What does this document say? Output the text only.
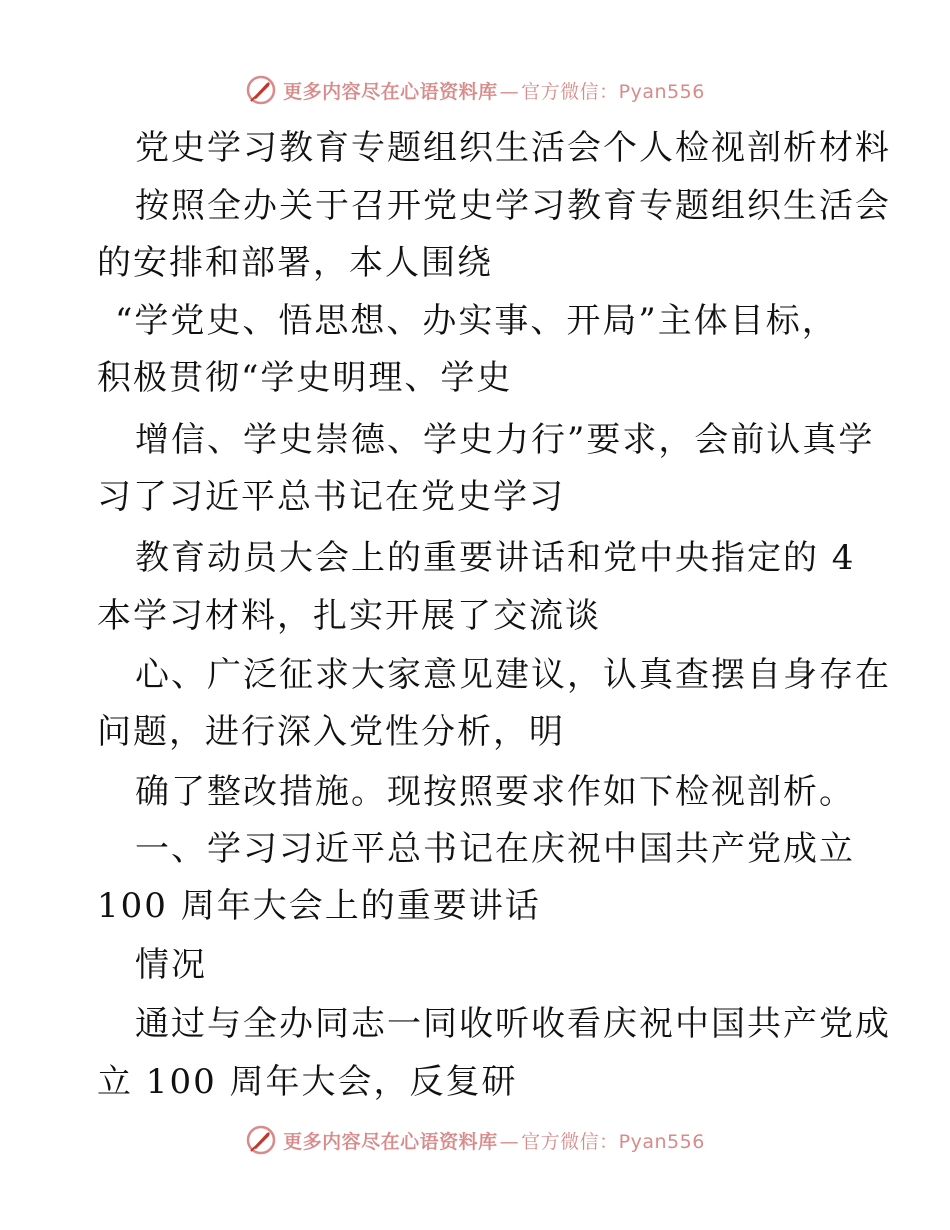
更多内容尽在心语资料库 — 官方微信：Pyan556
党史学习教育专题组织生活会个人检视剖析材料
按照全办关于召开党史学习教育专题组织生活会
的安排和部署，本人围绕
“学党史、悟思想、办实事、开局”主体目标，
积极贯彻“学史明理、学史
增信、学史崇德、学史力行”要求，会前认真学
习了习近平总书记在党史学习
教育动员大会上的重要讲话和党中央指定的 4
本学习材料，扎实开展了交流谈
心、广泛征求大家意见建议，认真查摆自身存在
问题，进行深入党性分析，明
确了整改措施。现按照要求作如下检视剖析。
一、学习习近平总书记在庆祝中国共产党成立
100 周年大会上的重要讲话
情况
通过与全办同志一同收听收看庆祝中国共产党成
立 100 周年大会，反复研
更多内容尽在心语资料库 — 官方微信：Pyan556
